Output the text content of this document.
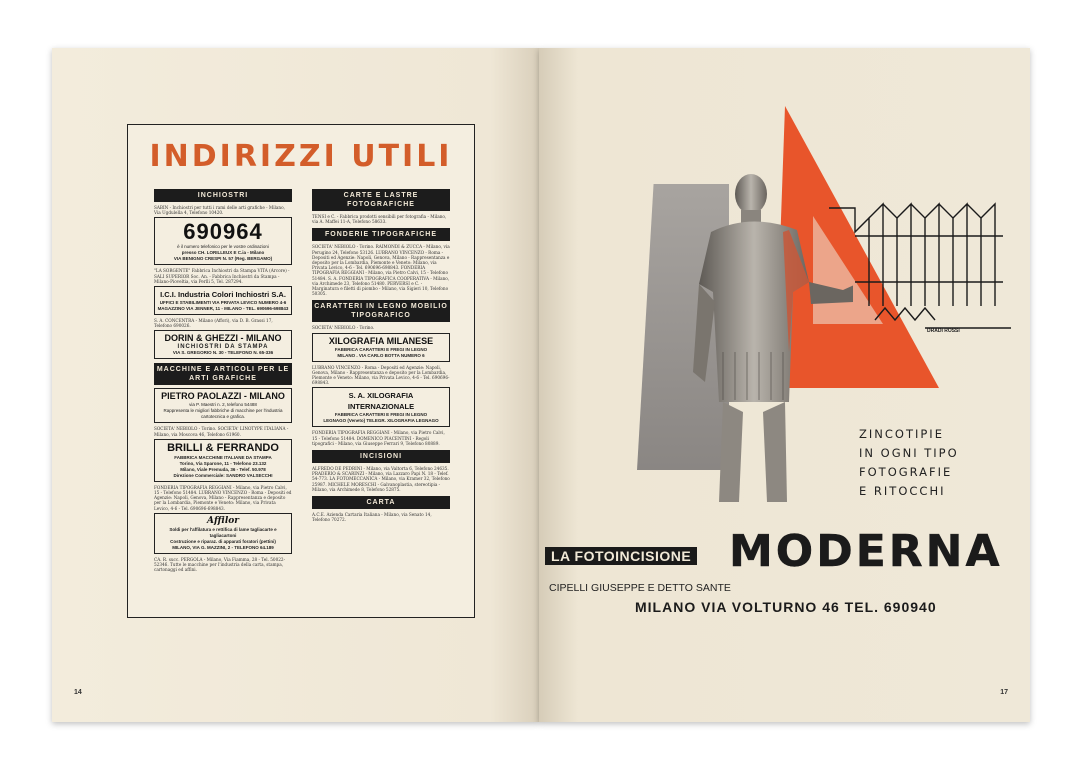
INDIRIZZI UTILI
INCHIOSTRI

SABIN - Inchiostri per tutti i rami delle arti grafiche - Milano, Via Ugdulella 4, Telefono 10420.

690964
è il numero telefonico per le vostre ordinazioni
presso CH. LORILLEUX E C.ia - Milano
VIA BENIGNO CRESPI N. 57 (Reg. BERGAMO)

"LA SORGENTE" Fabbrica Inchiostri da Stampa VITA (Arcore) - SALI SUPERIOR Soc. An. - Fabbrica Inchiostri da Stampa - Milano-Pioveltia, via Perlli 5, Tel. 287294.

I.C.I. Industria Colori Inchiostri S.A.
UFFICI E STABILIMENTI VIA PRIVATA LEVICO NUMERO 4-6
MAGAZZINO VIA JENNER, 11 - MILANO - TEL. 690696-698843

S. A. CONCENTRA - Milano (Affori), via D. B. Grassi 17, Telefono 690026.

DORIN & GHEZZI - MILANO
INCHIOSTRI DA STAMPA
VIA S. GREGORIO N. 30 - TELEFONO N. 65-336
MACCHINE E ARTICOLI PER LE ARTI GRAFICHE
PIETRO PAOLAZZI - MILANO
via P. Maestri n. 2, telefono 54488
Rappresenta le migliori fabbriche di macchine per l'industria cartotecnica e grafica.

SOCIETA' NEBIOLO - Torino. SOCIETA' LINOTYPE ITALIANA - Milano, via Moscova 46, Telefono 61960.

BRILLI & FERRANDO
FABBRICA MACCHINE ITALIANE DA STAMPA
Torino, Via Sparone, 11 - Telefono 23.132
Milano, Viale Premuda, 36 - Telef. 50.978
Direzione Commerciale: SANDRO VALSECCHI

FONDERIA TIPOGRAFIA REGGIANI - Milano, via Pietro Calvi, 15 - Telefono 51484. LUBRANO VINCENZO - Roma - Depositi ed Agenzie: Napoli, Genova, Milano - Rappresentanza e deposito per la Lombardia, Piemonte e Veneto: Milano, via Privata Levico, 4-6 - Tel. 690696-698843.

Affilor
Soldi per l'affilatura e rettifica di lame tagliacarte e tagliacartoni
Costruzione e riparaz. di apparati foratori (pettini)
MILANO, VIA G. MAZZINI, 2 - TELEFONO 64.189

CA. R. succ. PERGOLA - Milano, Via Fiamma, 28 - Tel. 50022-52346. Tutte le macchine per l'industria della carta, stampa, cartonaggi ed affini.

CARTE E LASTRE FOTOGRAFICHE

TENSI e C. - Fabbrica prodotti sensibili per fotografia - Milano, via A. Maffei 11-A, Telefono 58633.

FONDERIE TIPOGRAFICHE

SOCIETA' NEBIOLO - Torino. RAIMONDI & ZUCCA - Milano, via Perugino 24, Telefono 53126. LUBRANO VINCENZO - Roma - Depositi ed Agenzie: Napoli, Genova, Milano - Rappresentanza e deposito per la Lombardia, Piemonte e Veneto: Milano, via Privata Levico, 4-6 - Tel. 690696-698843. FONDERIA TIPOGRAFIA REGGIANI - Milano, via Pietro Calvi, 15 - Telefono 51484. S. A. FONDERIA TIPOGRAFICA COOPERATIVA - Milano, via Archimede 23, Telefono 51480. PERVERSI e C. - Marginatura e filetti di piombo - Milano, via Sigieri 10, Telefono 50305.

CARATTERI IN LEGNO MOBILIO TIPOGRAFICO

SOCIETA' NEBIOLO - Torino.

XILOGRAFIA MILANESE
FABBRICA CARATTERI E FREGI IN LEGNO
MILANO . VIA CARLO BOTTA NUMERO 6

LUBRANO VINCENZO - Roma - Depositi ed Agenzie: Napoli, Genova, Milano - Rappresentanza e deposito per la Lombardia, Piemonte e Veneto: Milano, via Privata Levico, 4-6 - Tel. 690696-698843.

S. A. XILOGRAFIA INTERNAZIONALE
FABBRICA CARATTERI E FREGI IN LEGNO
LEGNAGO (Veneto) TELEGR. XILOGRAFIA LEGNAGO

FONDERIA TIPOGRAFIA REGGIANI - Milano, via Pietro Calvi, 15 - Telefono 51484. DOMENICO PIACENTINI - Regoli tipografici - Milano, via Giuseppe Ferrari 9, Telefono 80889.

INCISIONI

ALFREDO DE PEDRINI - Milano, via Valtorta 6, Telefono 24635. PRADERIO & SCARINZI - Milano, via Lazzaro Papi N. 18 - Telef. 54-773. LA FOTOMECCANICA - Milano, via Kramer 32, Telefono 25987. MICHELE MORESCHI - Galvanoplastia, stereotipia - Milano, via Archimede 8, Telefono 52875.

CARTA

A.C.E. Azienda Cartaria Italiana - Milano, via Senato 14, Telefono 70272.

14
DRADI ROSSI
ZINCOTIPIE
IN OGNI TIPO
FOTOGRAFIE
E RITOCCHI
LA FOTOINCISIONE MODERNA
CIPELLI GIUSEPPE E DETTO SANTE
MILANO VIA VOLTURNO 46 TEL. 690940
17
